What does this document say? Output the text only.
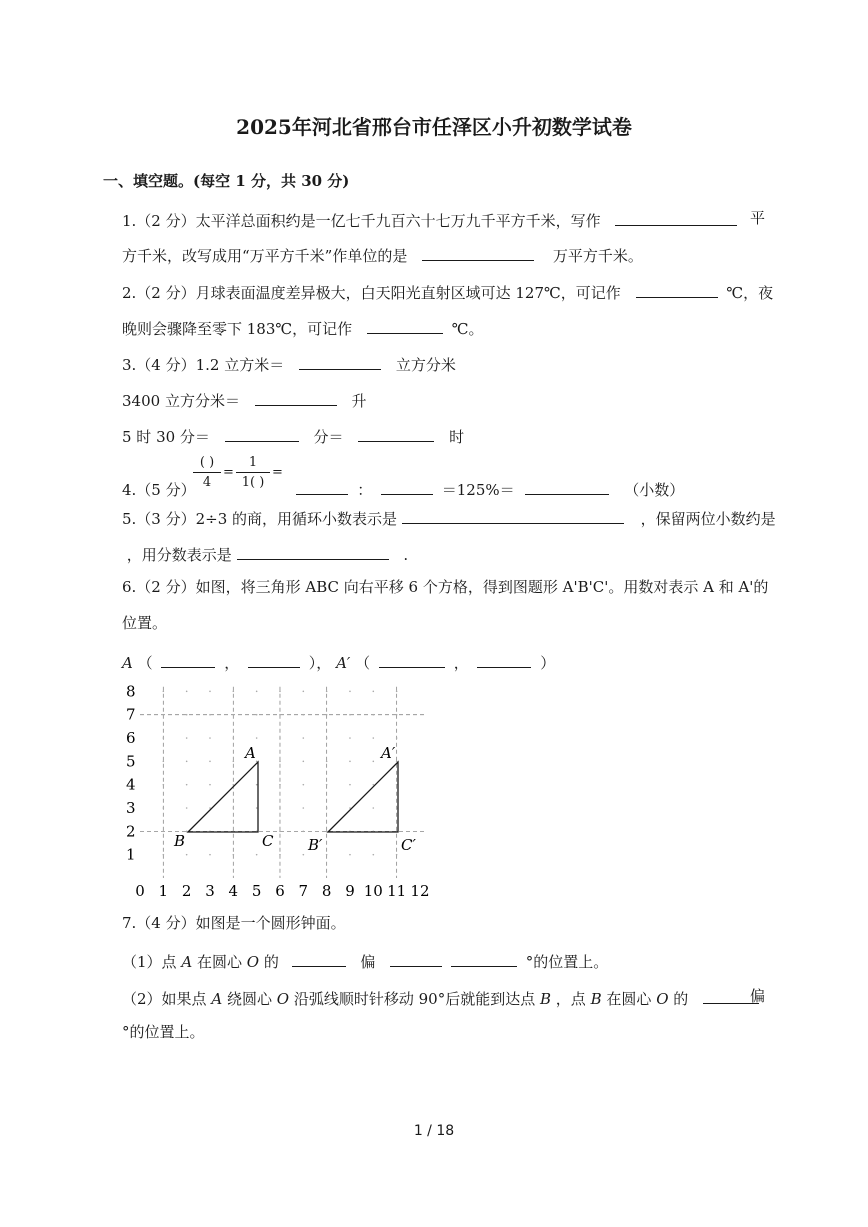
2025年河北省邢台市任泽区小升初数学试卷
一、填空题。(每空 1 分，共 30 分)
1.（2 分）太平洋总面积约是一亿七千九百六十七万九千平方千米，写作	平
方千米，改写成用“万平方千米”作单位的是	万平方千米。
2.（2 分）月球表面温度差异极大，白天阳光直射区域可达 127℃，可记作	℃，夜
晚则会骤降至零下 183℃，可记作	℃。
3.（4 分）1.2 立方米＝	立方分米
3400 立方分米＝	升
5 时 30 分＝	分＝	时
( )
4
=
1
1( )
=
4.（5 分）	：	＝125%＝	（小数）
5.（3 分）2÷3 的商，用循环小数表示是	，保留两位小数约是
，用分数表示是	.
6.（2 分）如图，将三角形 ABC 向右平移 6 个方格，得到图题形 A'B'C'。用数对表示 A 和 A'的
位置。
A （	，	）， A′ （	，	）
0 1 2 3 4 5 6 7 8 9 10 11 12
1
2
3
4
5
6
7
8
A
B	C
A′
B′	C′
7.（4 分）如图是一个圆形钟面。
（1）点 A 在圆心 O 的	偏	°的位置上。
（2）如果点 A 绕圆心 O 沿弧线顺时针移动 90°后就能到达点 B ，点 B 在圆心 O 的	偏
°的位置上。
1 / 18
